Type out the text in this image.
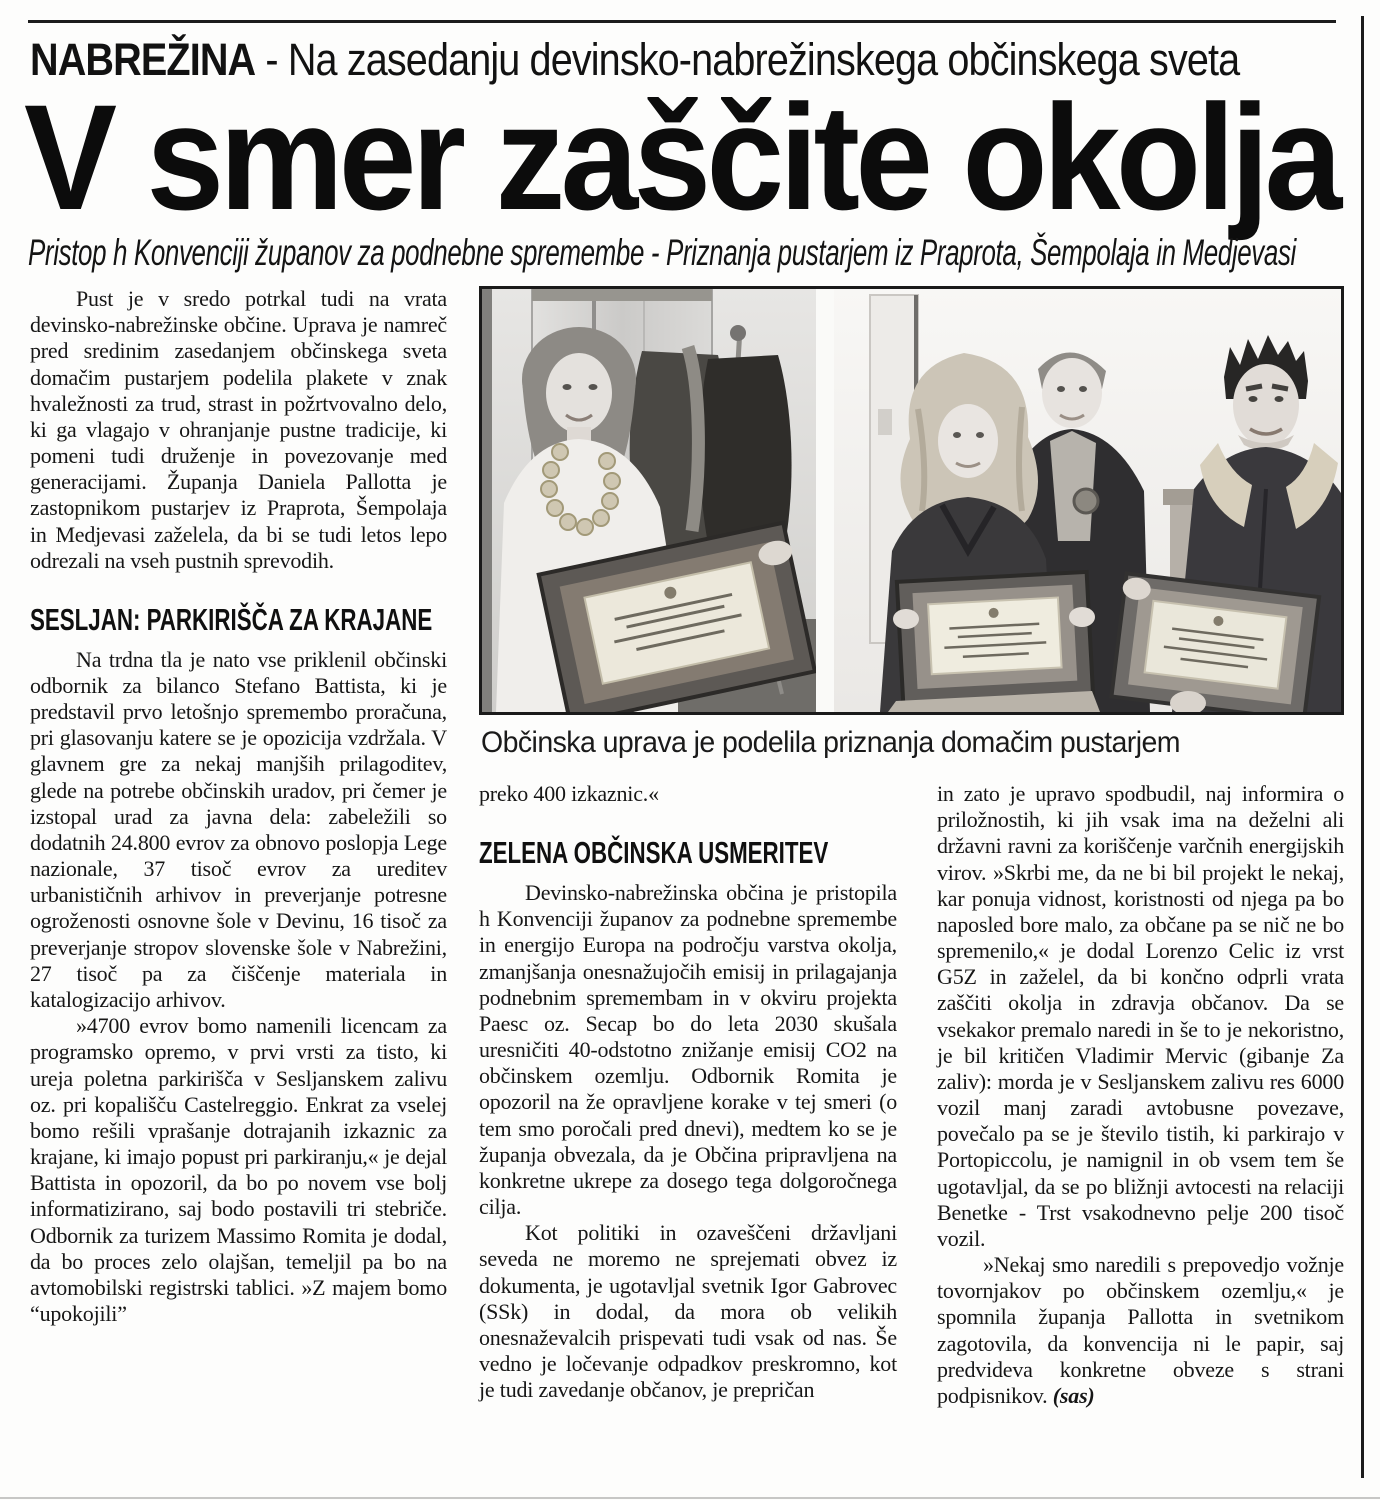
NABREŽINA - Na zasedanju devinsko-nabrežinskega občinskega sveta
V smer zaščite okolja
Pristop h Konvenciji županov za podnebne spremembe - Priznanja pustarjem iz Praprota, Šempolaja in Medjevasi

Pust je v sredo potrkal tudi na vrata devinsko-nabrežinske občine. Uprava je namreč pred sredinim zasedanjem občinskega sveta domačim pustarjem podelila plakete v znak hvaležnosti za trud, strast in požrtvovalno delo, ki ga vlagajo v ohranjanje pustne tradicije, ki pomeni tudi druženje in povezovanje med generacijami. Županja Daniela Pallotta je zastopnikom pustarjev iz Praprota, Šempolaja in Medjevasi zaželela, da bi se tudi letos lepo odrezali na vseh pustnih sprevodih.

SESLJAN: PARKIRIŠČA ZA KRAJANE

Na trdna tla je nato vse priklenil občinski odbornik za bilanco Stefano Battista, ki je predstavil prvo letošnjo spremembo proračuna, pri glasovanju katere se je opozicija vzdržala. V glavnem gre za nekaj manjših prilagoditev, glede na potrebe občinskih uradov, pri čemer je izstopal urad za javna dela: zabeležili so dodatnih 24.800 evrov za obnovo poslopja Lege nazionale, 37 tisoč evrov za ureditev urbanističnih arhivov in preverjanje potresne ogroženosti osnovne šole v Devinu, 16 tisoč za preverjanje stropov slovenske šole v Nabrežini, 27 tisoč pa za čiščenje materiala in katalogizacijo arhivov.

»4700 evrov bomo namenili licencam za programsko opremo, v prvi vrsti za tisto, ki ureja poletna parkirišča v Sesljanskem zalivu oz. pri kopališču Castelreggio. Enkrat za vselej bomo rešili vprašanje dotrajanih izkaznic za krajane, ki imajo popust pri parkiranju,« je dejal Battista in opozoril, da bo po novem vse bolj informatizirano, saj bodo postavili tri stebriče. Odbornik za turizem Massimo Romita je dodal, da bo proces zelo olajšan, temeljil pa bo na avtomobilski registrski tablici. »Z majem bomo “upokojili”

Občinska uprava je podelila priznanja domačim pustarjem

preko 400 izkaznic.«

ZELENA OBČINSKA USMERITEV

Devinsko-nabrežinska občina je pristopila h Konvenciji županov za podnebne spremembe in energijo Europa na področju varstva okolja, zmanjšanja onesnažujočih emisij in prilagajanja podnebnim spremembam in v okviru projekta Paesc oz. Secap bo do leta 2030 skušala uresničiti 40-odstotno znižanje emisij CO2 na občinskem ozemlju. Odbornik Romita je opozoril na že opravljene korake v tej smeri (o tem smo poročali pred dnevi), medtem ko se je županja obvezala, da je Občina pripravljena na konkretne ukrepe za dosego tega dolgoročnega cilja.

Kot politiki in ozaveščeni državljani seveda ne moremo ne sprejemati obvez iz dokumenta, je ugotavljal svetnik Igor Gabrovec (SSk) in dodal, da mora ob velikih onesnaževalcih prispevati tudi vsak od nas. Še vedno je ločevanje odpadkov preskromno, kot je tudi zavedanje občanov, je prepričan

in zato je upravo spodbudil, naj informira o priložnostih, ki jih vsak ima na deželni ali državni ravni za koriščenje varčnih energijskih virov. »Skrbi me, da ne bi bil projekt le nekaj, kar ponuja vidnost, koristnosti od njega pa bo naposled bore malo, za občane pa se nič ne bo spremenilo,« je dodal Lorenzo Celic iz vrst G5Z in zaželel, da bi končno odprli vrata zaščiti okolja in zdravja občanov. Da se vsekakor premalo naredi in še to je nekoristno, je bil kritičen Vladimir Mervic (gibanje Za zaliv): morda je v Sesljanskem zalivu res 6000 vozil manj zaradi avtobusne povezave, povečalo pa se je število tistih, ki parkirajo v Portopiccolu, je namignil in ob vsem tem še ugotavljal, da se po bližnji avtocesti na relaciji Benetke - Trst vsakodnevno pelje 200 tisoč vozil.

»Nekaj smo naredili s prepovedjo vožnje tovornjakov po občinskem ozemlju,« je spomnila županja Pallotta in svetnikom zagotovila, da konvencija ni le papir, saj predvideva konkretne obveze s strani podpisnikov. (sas)
